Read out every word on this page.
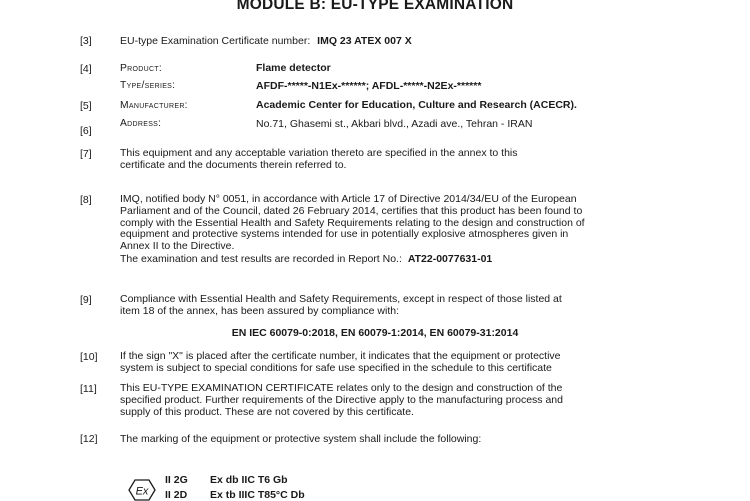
MODULE B: EU-TYPE EXAMINATION
[3]	EU-type Examination Certificate number: IMQ 23 ATEX 007 X
[4]	Product:	Flame detector
Type/series:	AFDF-*****-N1Ex-******; AFDL-*****-N2Ex-******
[5]	Manufacturer:	Academic Center for Education, Culture and Research (ACECR).
Address:	No.71, Ghasemi st., Akbari blvd., Azadi ave., Tehran - IRAN
[6]
[7]	This equipment and any acceptable variation thereto are specified in the annex to this
certificate and the documents therein referred to.
[8]	IMQ, notified body N° 0051, in accordance with Article 17 of Directive 2014/34/EU of the European
Parliament and of the Council, dated 26 February 2014, certifies that this product has been found to
comply with the Essential Health and Safety Requirements relating to the design and construction of
equipment and protective systems intended for use in potentially explosive atmospheres given in
Annex II to the Directive.
The examination and test results are recorded in Report No.: AT22-0077631-01
[9]	Compliance with Essential Health and Safety Requirements, except in respect of those listed at
item 18 of the annex, has been assured by compliance with:
EN IEC 60079-0:2018, EN 60079-1:2014, EN 60079-31:2014
[10] If the sign "X" is placed after the certificate number, it indicates that the equipment or protective
system is subject to special conditions for safe use specified in the schedule to this certificate
[11] This EU-TYPE EXAMINATION CERTIFICATE relates only to the design and construction of the
specified product. Further requirements of the Directive apply to the manufacturing process and
supply of this product. These are not covered by this certificate.
[12] The marking of the equipment or protective system shall include the following:
Ex
II 2G Ex db IIC T6 Gb
II 2D Ex tb IIIC T85°C Db
